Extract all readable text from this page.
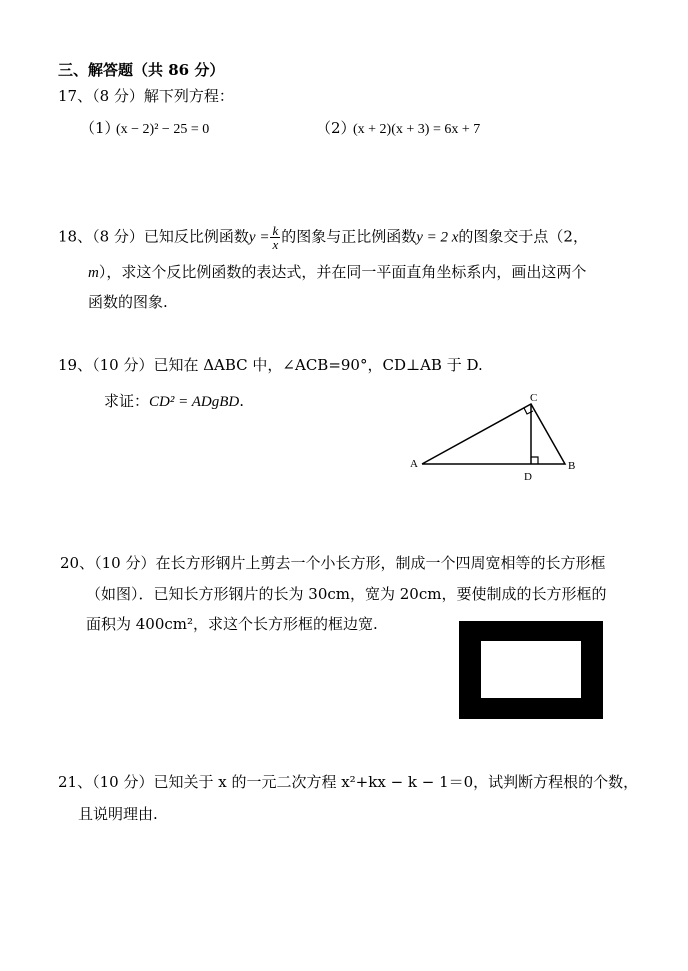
三、解答题（共 86 分）
17、（8 分）解下列方程：
（1）
(x − 2)² − 25 = 0	（2）
(x + 2)(x + 3) = 6x + 7
18、（8 分）已知反比例函数$y = \frac{k}{x}$ 的图象与正比例函数y = 2 x的图象交于点（2，
m），求这个反比例函数的表达式，并在同一平面直角坐标系内，画出这两个
函数的图象.
19、（10 分）已知在 ΔABC 中，∠ACB=90°，CD⊥AB 于 D.
求证：CD² = ADgBD.
A
C
B
D
20、（10 分）在长方形钢片上剪去一个小长方形，制成一个四周宽相等的长方形框
（如图）．已知长方形钢片的长为 30cm，宽为 20cm，要使制成的长方形框的
面积为 400cm²，求这个长方形框的框边宽.
21、（10 分）已知关于 x 的一元二次方程 x²+kx − k − 1＝0，试判断方程根的个数，
且说明理由.
